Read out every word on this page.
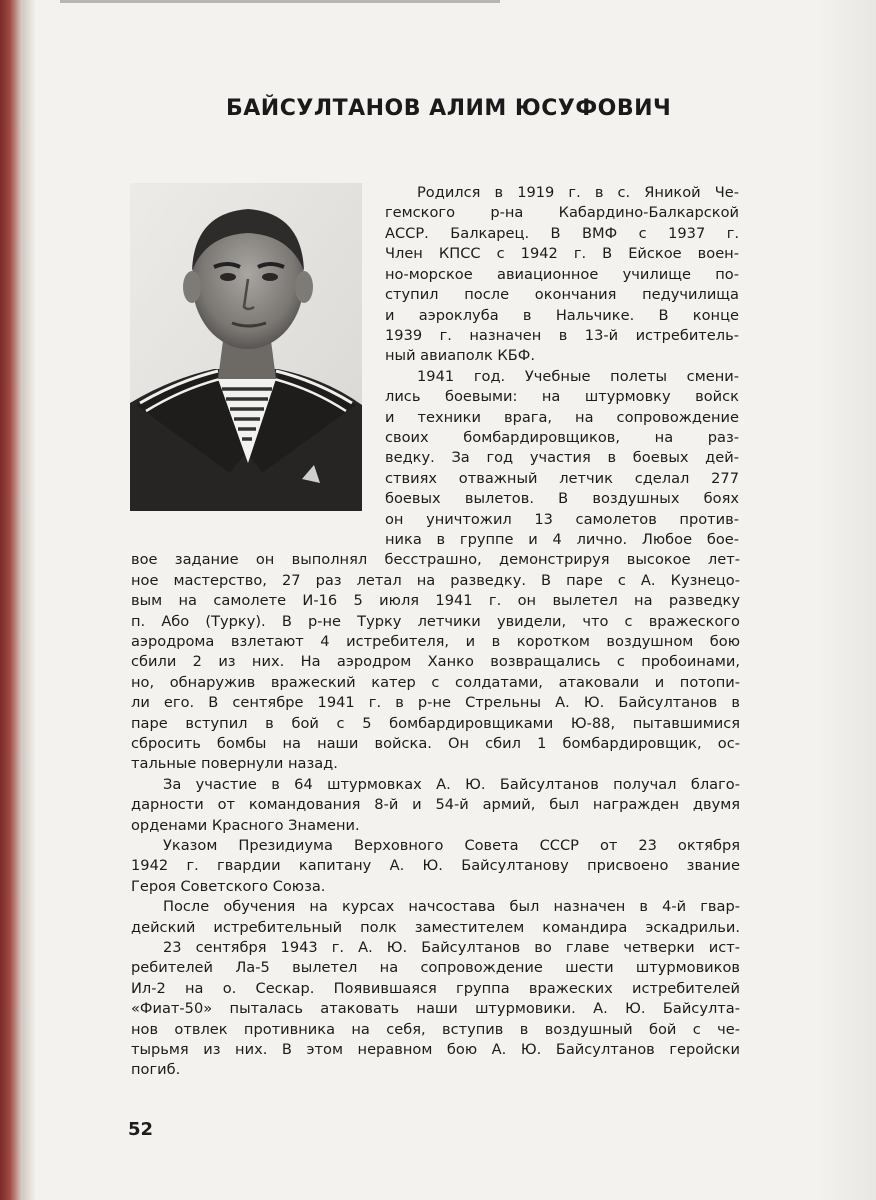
БАЙСУЛТАНОВ АЛИМ ЮСУФОВИЧ
Родился в 1919 г. в с. Яникой Че-
гемского р-на Кабардино-Балкарской
АССР. Балкарец. В ВМФ с 1937 г.
Член КПСС с 1942 г. В Ейское воен-
но-морское авиационное училище по-
ступил после окончания педучилища
и аэроклуба в Нальчике. В конце
1939 г. назначен в 13-й истребитель-
ный авиаполк КБФ.
1941 год. Учебные полеты смени-
лись боевыми: на штурмовку войск
и техники врага, на сопровождение
своих бомбардировщиков, на раз-
ведку. За год участия в боевых дей-
ствиях отважный летчик сделал 277
боевых вылетов. В воздушных боях
он уничтожил 13 самолетов против-
ника в группе и 4 лично. Любое бое-
вое задание он выполнял бесстрашно, демонстрируя высокое лет-
ное мастерство, 27 раз летал на разведку. В паре с А. Кузнецо-
вым на самолете И-16 5 июля 1941 г. он вылетел на разведку
п. Або (Турку). В р-не Турку летчики увидели, что с вражеского
аэродрома взлетают 4 истребителя, и в коротком воздушном бою
сбили 2 из них. На аэродром Ханко возвращались с пробоинами,
но, обнаружив вражеский катер с солдатами, атаковали и потопи-
ли его. В сентябре 1941 г. в р-не Стрельны А. Ю. Байсултанов в
паре вступил в бой с 5 бомбардировщиками Ю-88, пытавшимися
сбросить бомбы на наши войска. Он сбил 1 бомбардировщик, ос-
тальные повернули назад.
За участие в 64 штурмовках А. Ю. Байсултанов получал благо-
дарности от командования 8-й и 54-й армий, был награжден двумя
орденами Красного Знамени.
Указом Президиума Верховного Совета СССР от 23 октября
1942 г. гвардии капитану А. Ю. Байсултанову присвоено звание
Героя Советского Союза.
После обучения на курсах начсостава был назначен в 4-й гвар-
дейский истребительный полк заместителем командира эскадрильи.
23 сентября 1943 г. А. Ю. Байсултанов во главе четверки ист-
ребителей Ла-5 вылетел на сопровождение шести штурмовиков
Ил-2 на о. Сескар. Появившаяся группа вражеских истребителей
«Фиат-50» пыталась атаковать наши штурмовики. А. Ю. Байсулта-
нов отвлек противника на себя, вступив в воздушный бой с че-
тырьмя из них. В этом неравном бою А. Ю. Байсултанов геройски
погиб.
52
